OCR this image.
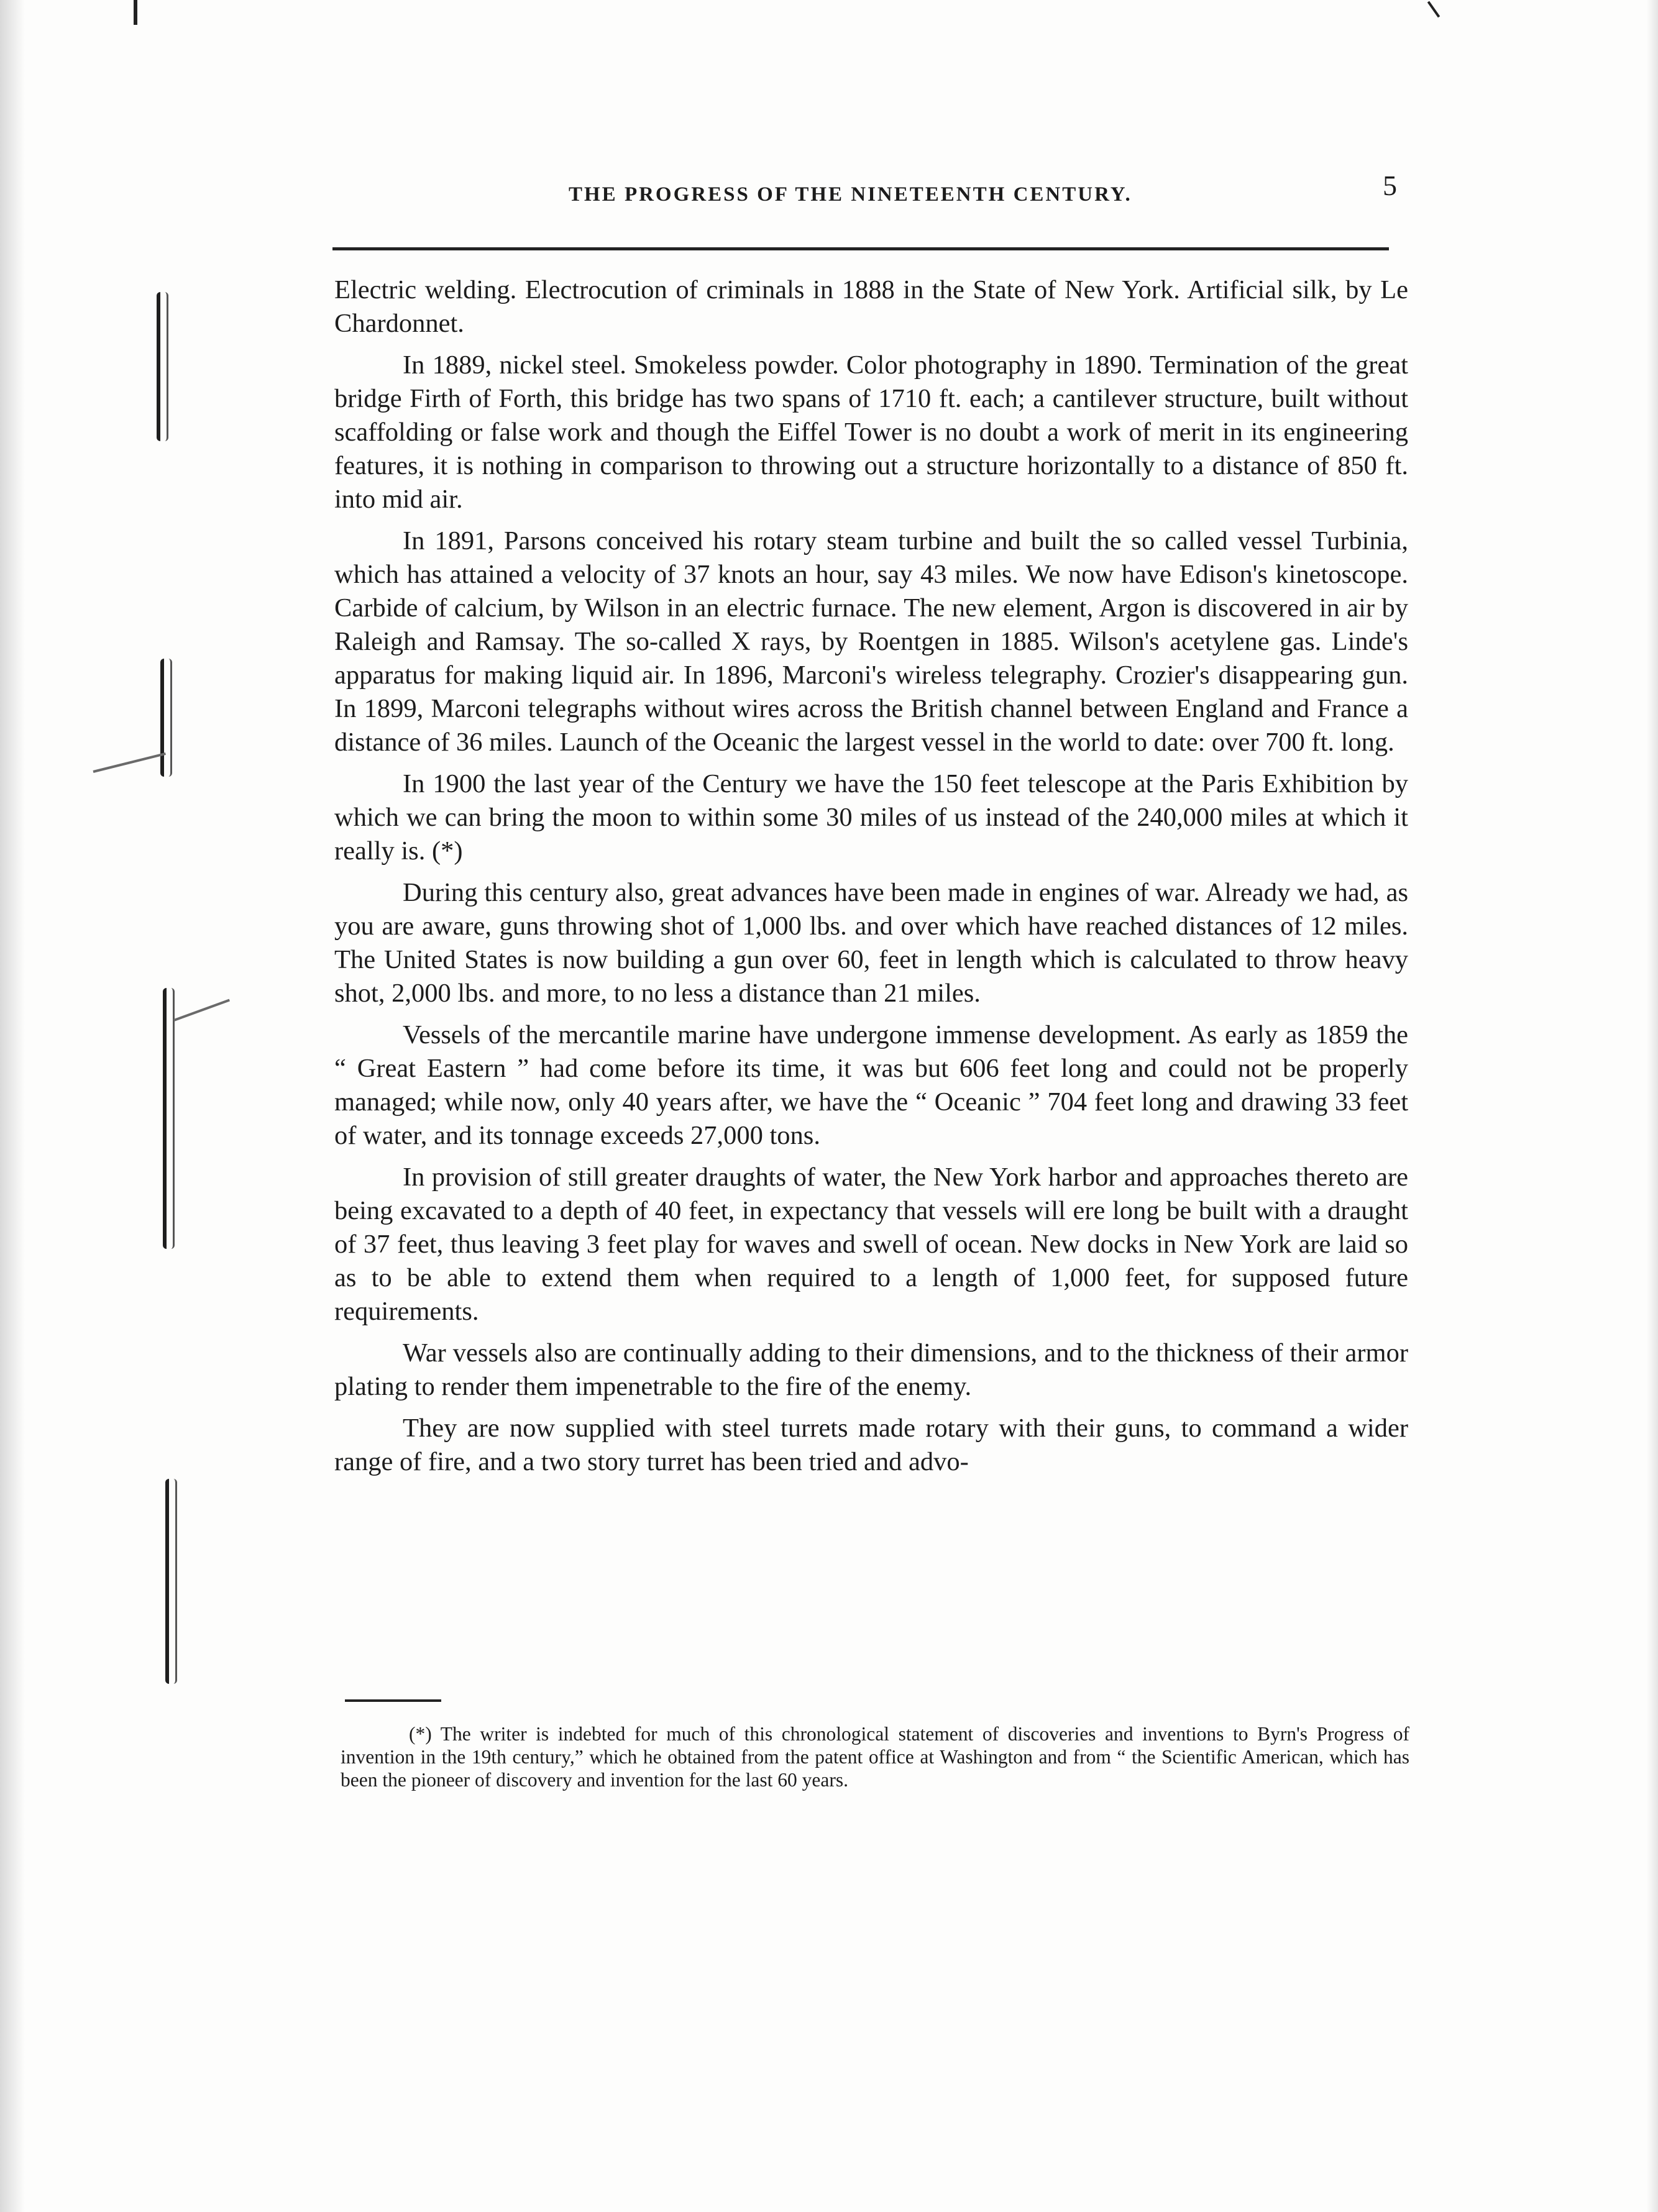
THE PROGRESS OF THE NINETEENTH CENTURY.	5

Electric welding. Electrocution of criminals in 1888 in the State of New York. Artificial silk, by Le Chardonnet.

In 1889, nickel steel. Smokeless powder. Color photography in 1890. Termination of the great bridge Firth of Forth, this bridge has two spans of 1710 ft. each; a cantilever structure, built without scaffolding or false work and though the Eiffel Tower is no doubt a work of merit in its engineering features, it is nothing in comparison to throwing out a structure horizontally to a distance of 850 ft. into mid air.

In 1891, Parsons conceived his rotary steam turbine and built the so called vessel Turbinia, which has attained a velocity of 37 knots an hour, say 43 miles. We now have Edison's kinetoscope. Carbide of calcium, by Wilson in an electric furnace. The new element, Argon is discovered in air by Raleigh and Ramsay. The so-called X rays, by Roentgen in 1885. Wilson's acetylene gas. Linde's apparatus for making liquid air. In 1896, Marconi's wireless telegraphy. Crozier's disappearing gun. In 1899, Marconi telegraphs without wires across the British channel between England and France a distance of 36 miles. Launch of the Oceanic the largest vessel in the world to date: over 700 ft. long.

In 1900 the last year of the Century we have the 150 feet telescope at the Paris Exhibition by which we can bring the moon to within some 30 miles of us instead of the 240,000 miles at which it really is. (*)

During this century also, great advances have been made in engines of war. Already we had, as you are aware, guns throwing shot of 1,000 lbs. and over which have reached distances of 12 miles. The United States is now building a gun over 60, feet in length which is calculated to throw heavy shot, 2,000 lbs. and more, to no less a distance than 21 miles.

Vessels of the mercantile marine have undergone immense development. As early as 1859 the “ Great Eastern ” had come before its time, it was but 606 feet long and could not be properly managed; while now, only 40 years after, we have the “ Oceanic ” 704 feet long and drawing 33 feet of water, and its tonnage exceeds 27,000 tons.

In provision of still greater draughts of water, the New York harbor and approaches thereto are being excavated to a depth of 40 feet, in expectancy that vessels will ere long be built with a draught of 37 feet, thus leaving 3 feet play for waves and swell of ocean. New docks in New York are laid so as to be able to extend them when required to a length of 1,000 feet, for supposed future requirements.

War vessels also are continually adding to their dimensions, and to the thickness of their armor plating to render them impenetrable to the fire of the enemy.

They are now supplied with steel turrets made rotary with their guns, to command a wider range of fire, and a two story turret has been tried and advo-

(*) The writer is indebted for much of this chronological statement of discoveries and inventions to Byrn's Progress of invention in the 19th century,” which he obtained from the patent office at Washington and from “ the Scientific American, which has been the pioneer of discovery and invention for the last 60 years.
